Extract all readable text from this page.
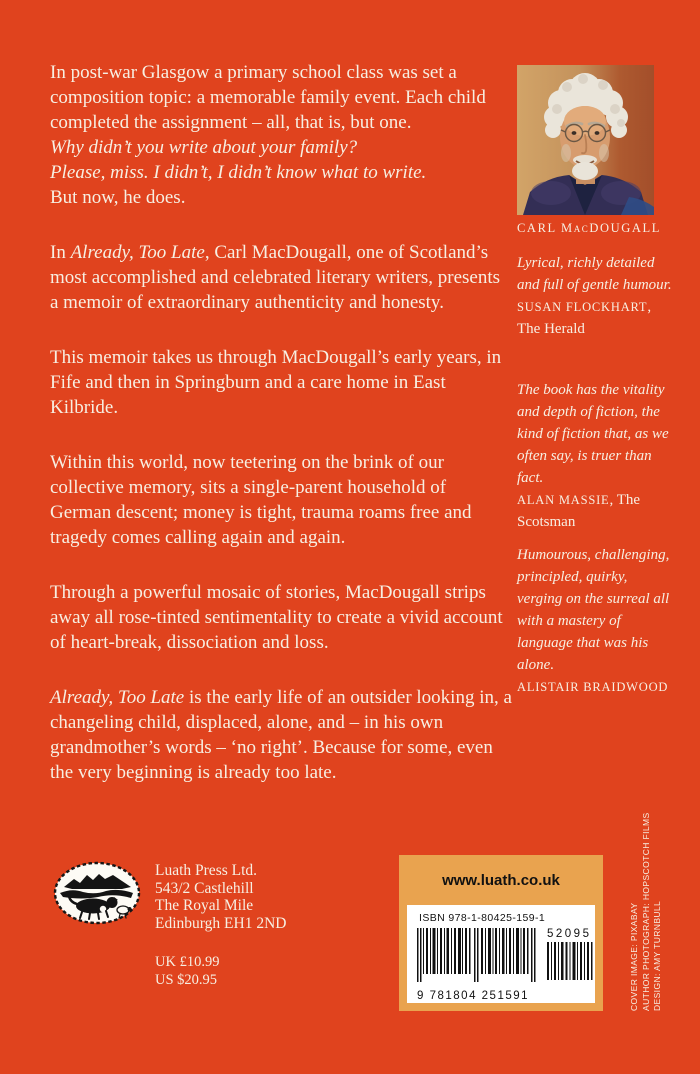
In post-war Glasgow a primary school class was set a composition topic: a memorable family event. Each child completed the assignment – all, that is, but one.
Why didn’t you write about your family?
Please, miss. I didn’t, I didn’t know what to write.
But now, he does.

In Already, Too Late, Carl MacDougall, one of Scotland’s most accomplished and celebrated literary writers, presents a memoir of extraordinary authenticity and honesty.

This memoir takes us through MacDougall’s early years, in Fife and then in Springburn and a care home in East Kilbride.

Within this world, now teetering on the brink of our collective memory, sits a single-parent household of German descent; money is tight, trauma roams free and tragedy comes calling again and again.

Through a powerful mosaic of stories, MacDougall strips away all rose-tinted sentimentality to create a vivid account of heart-break, dissociation and loss.

Already, Too Late is the early life of an outsider looking in, a changeling child, displaced, alone, and – in his own grandmother’s words – ‘no right’. Because for some, even the very beginning is already too late.

CARL MacDOUGALL
Lyrical, richly detailed and full of gentle humour.
SUSAN FLOCKHART, The Herald
The book has the vitality and depth of fiction, the kind of fiction that, as we often say, is truer than fact.
ALAN MASSIE, The Scotsman
Humourous, challenging, principled, quirky, verging on the surreal all with a mastery of language that was his alone.
ALISTAIR BRAIDWOOD
Luath Press Ltd.
543/2 Castlehill
The Royal Mile
Edinburgh EH1 2ND
UK £10.99
US $20.95
www.luath.co.uk
ISBN 978-1-80425-159-1
9 781804 251591
52095	COVER IMAGE: PIXABAY AUTHOR PHOTOGRAPH: HOPSCOTCH FILMS DESIGN: AMY TURNBULL
